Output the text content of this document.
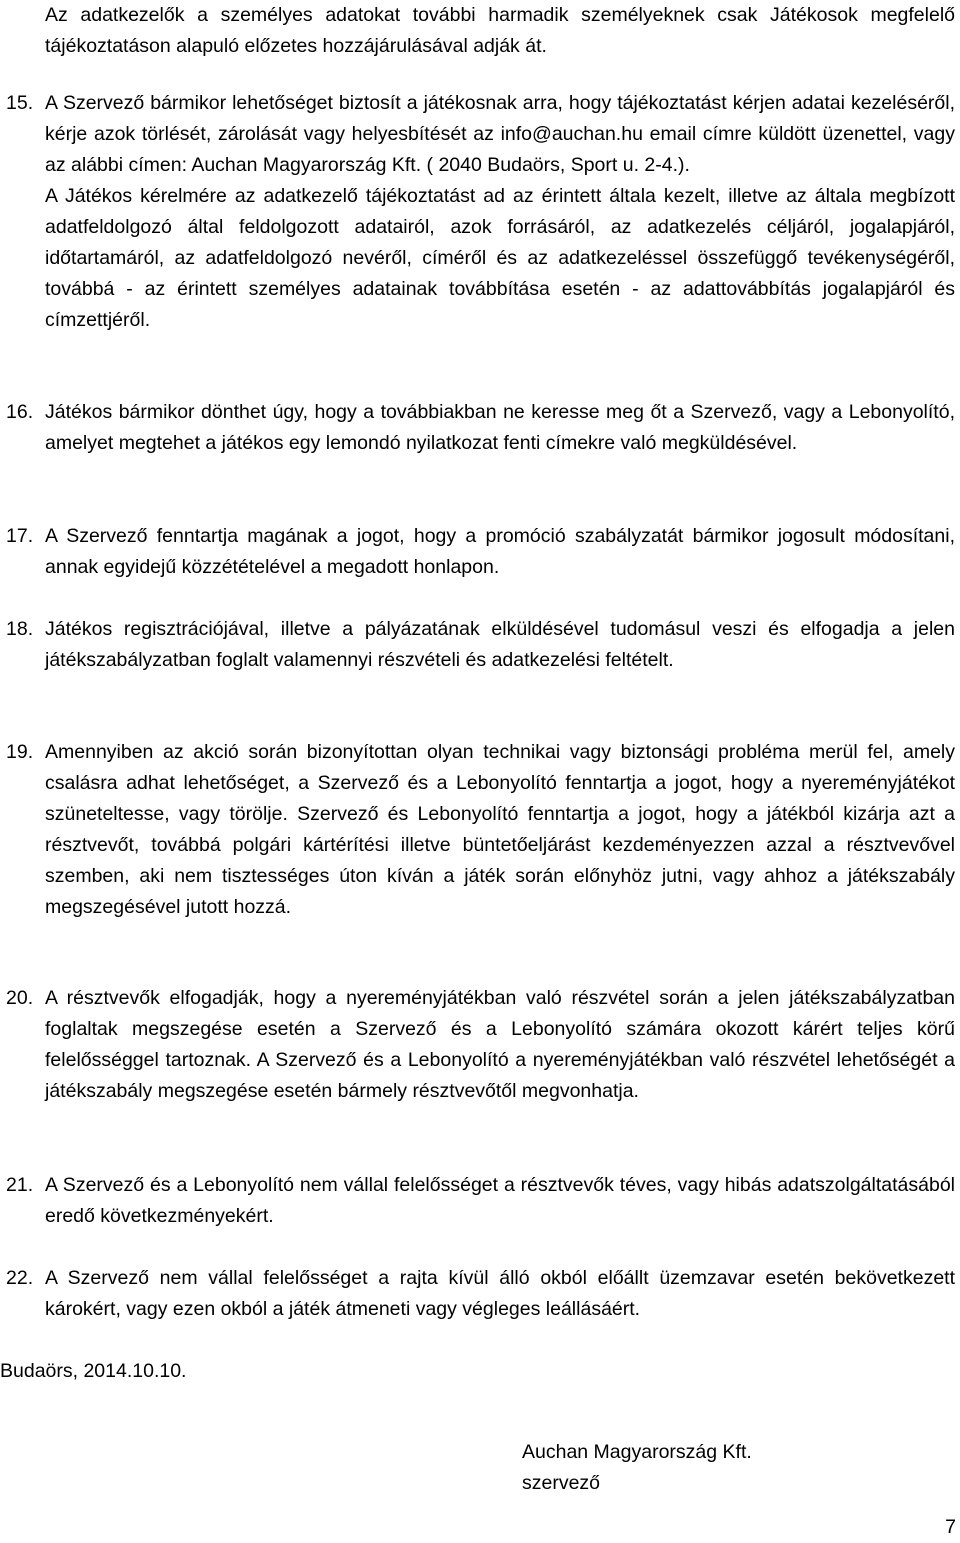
Az adatkezelők a személyes adatokat további harmadik személyeknek csak Játékosok megfelelő tájékoztatáson alapuló előzetes hozzájárulásával adják át.
15. A Szervező bármikor lehetőséget biztosít a játékosnak arra, hogy tájékoztatást kérjen adatai kezeléséről, kérje azok törlését, zárolását vagy helyesbítését az info@auchan.hu email címre küldött üzenettel, vagy az alábbi címen: Auchan Magyarország Kft. ( 2040 Budaörs, Sport u. 2-4.).

A Játékos kérelmére az adatkezelő tájékoztatást ad az érintett általa kezelt, illetve az általa megbízott adatfeldolgozó által feldolgozott adatairól, azok forrásáról, az adatkezelés céljáról, jogalapjáról, időtartamáról, az adatfeldolgozó nevéről, címéről és az adatkezeléssel összefüggő tevékenységéről, továbbá - az érintett személyes adatainak továbbítása esetén - az adattovábbítás jogalapjáról és címzettjéről.

16. Játékos bármikor dönthet úgy, hogy a továbbiakban ne keresse meg őt a Szervező, vagy a Lebonyolító, amelyet megtehet a játékos egy lemondó nyilatkozat fenti címekre való megküldésével.

17. A Szervező fenntartja magának a jogot, hogy a promóció szabályzatát bármikor jogosult módosítani, annak egyidejű közzétételével a megadott honlapon.

18. Játékos regisztrációjával, illetve a pályázatának elküldésével tudomásul veszi és elfogadja a jelen játékszabályzatban foglalt valamennyi részvételi és adatkezelési feltételt.

19. Amennyiben az akció során bizonyítottan olyan technikai vagy biztonsági probléma merül fel, amely csalásra adhat lehetőséget, a Szervező és a Lebonyolító fenntartja a jogot, hogy a nyereményjátékot szüneteltesse, vagy törölje. Szervező és Lebonyolító fenntartja a jogot, hogy a játékból kizárja azt a résztvevőt, továbbá polgári kártérítési illetve büntetőeljárást kezdeményezzen azzal a résztvevővel szemben, aki nem tisztességes úton kíván a játék során előnyhöz jutni, vagy ahhoz a játékszabály megszegésével jutott hozzá.

20. A résztvevők elfogadják, hogy a nyereményjátékban való részvétel során a jelen játékszabályzatban foglaltak megszegése esetén a Szervező és a Lebonyolító számára okozott kárért teljes körű felelősséggel tartoznak. A Szervező és a Lebonyolító a nyereményjátékban való részvétel lehetőségét a játékszabály megszegése esetén bármely résztvevőtől megvonhatja.

21. A Szervező és a Lebonyolító nem vállal felelősséget a résztvevők téves, vagy hibás adatszolgáltatásából eredő következményekért.

22. A Szervező nem vállal felelősséget a rajta kívül álló okból előállt üzemzavar esetén bekövetkezett károkért, vagy ezen okból a játék átmeneti vagy végleges leállásáért.

Budaörs, 2014.10.10.
Auchan Magyarország Kft.
szervező
7
